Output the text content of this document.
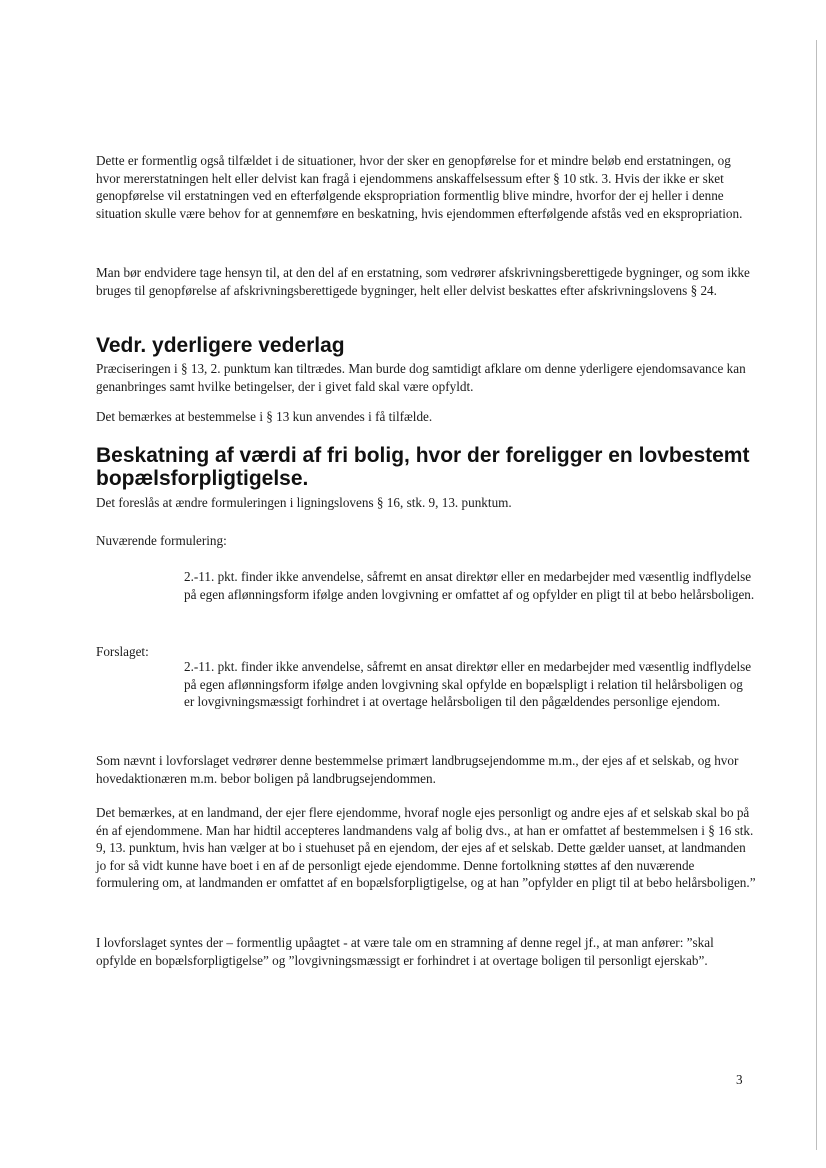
Dette er formentlig også tilfældet i de situationer, hvor der sker en genopførelse for et mindre beløb end erstatningen, og hvor mererstatningen helt eller delvist kan fragå i ejendommens anskaffelsessum efter § 10 stk. 3. Hvis der ikke er sket genopførelse vil erstatningen ved en efterfølgende ekspropriation formentlig blive mindre, hvorfor der ej heller i denne situation skulle være behov for at gennemføre en beskatning, hvis ejendommen efterfølgende afstås ved en ekspropriation.

Man bør endvidere tage hensyn til, at den del af en erstatning, som vedrører afskrivningsberettigede bygninger, og som ikke bruges til genopførelse af afskrivningsberettigede bygninger, helt eller delvist beskattes efter afskrivningslovens § 24.

Vedr. yderligere vederlag

Præciseringen i § 13, 2. punktum kan tiltrædes. Man burde dog samtidigt afklare om denne yderligere ejendomsavance kan genanbringes samt hvilke betingelser, der i givet fald skal være opfyldt.

Det bemærkes at bestemmelse i § 13 kun anvendes i få tilfælde.

Beskatning af værdi af fri bolig, hvor der foreligger en lovbestemt bopælsforpligtigelse.

Det foreslås at ændre formuleringen i ligningslovens § 16, stk. 9, 13. punktum.

Nuværende formulering:

2.-11. pkt. finder ikke anvendelse, såfremt en ansat direktør eller en medarbejder med væsentlig indflydelse på egen aflønningsform ifølge anden lovgivning er omfattet af og opfylder en pligt til at bebo helårsboligen.

Forslaget:

2.-11. pkt. finder ikke anvendelse, såfremt en ansat direktør eller en medarbejder med væsentlig indflydelse på egen aflønningsform ifølge anden lovgivning skal opfylde en bopælspligt i relation til helårsboligen og er lovgivningsmæssigt forhindret i at overtage helårsboligen til den pågældendes personlige ejendom.

Som nævnt i lovforslaget vedrører denne bestemmelse primært landbrugsejendomme m.m., der ejes af et selskab, og hvor hovedaktionæren m.m. bebor boligen på landbrugsejendommen.

Det bemærkes, at en landmand, der ejer flere ejendomme, hvoraf nogle ejes personligt og andre ejes af et selskab skal bo på én af ejendommene. Man har hidtil accepteres landmandens valg af bolig dvs., at han er omfattet af bestemmelsen i § 16 stk. 9, 13. punktum, hvis han vælger at bo i stuehuset på en ejendom, der ejes af et selskab. Dette gælder uanset, at landmanden jo for så vidt kunne have boet i en af de personligt ejede ejendomme. Denne fortolkning støttes af den nuværende formulering om, at landmanden er omfattet af en bopælsforpligtigelse, og at han ”opfylder en pligt til at bebo helårsboligen.”

I lovforslaget syntes der – formentlig upåagtet - at være tale om en stramning af denne regel jf., at man anfører: ”skal opfylde en bopælsforpligtigelse” og ”lovgivningsmæssigt er forhindret i at overtage boligen til personligt ejerskab”.

3
